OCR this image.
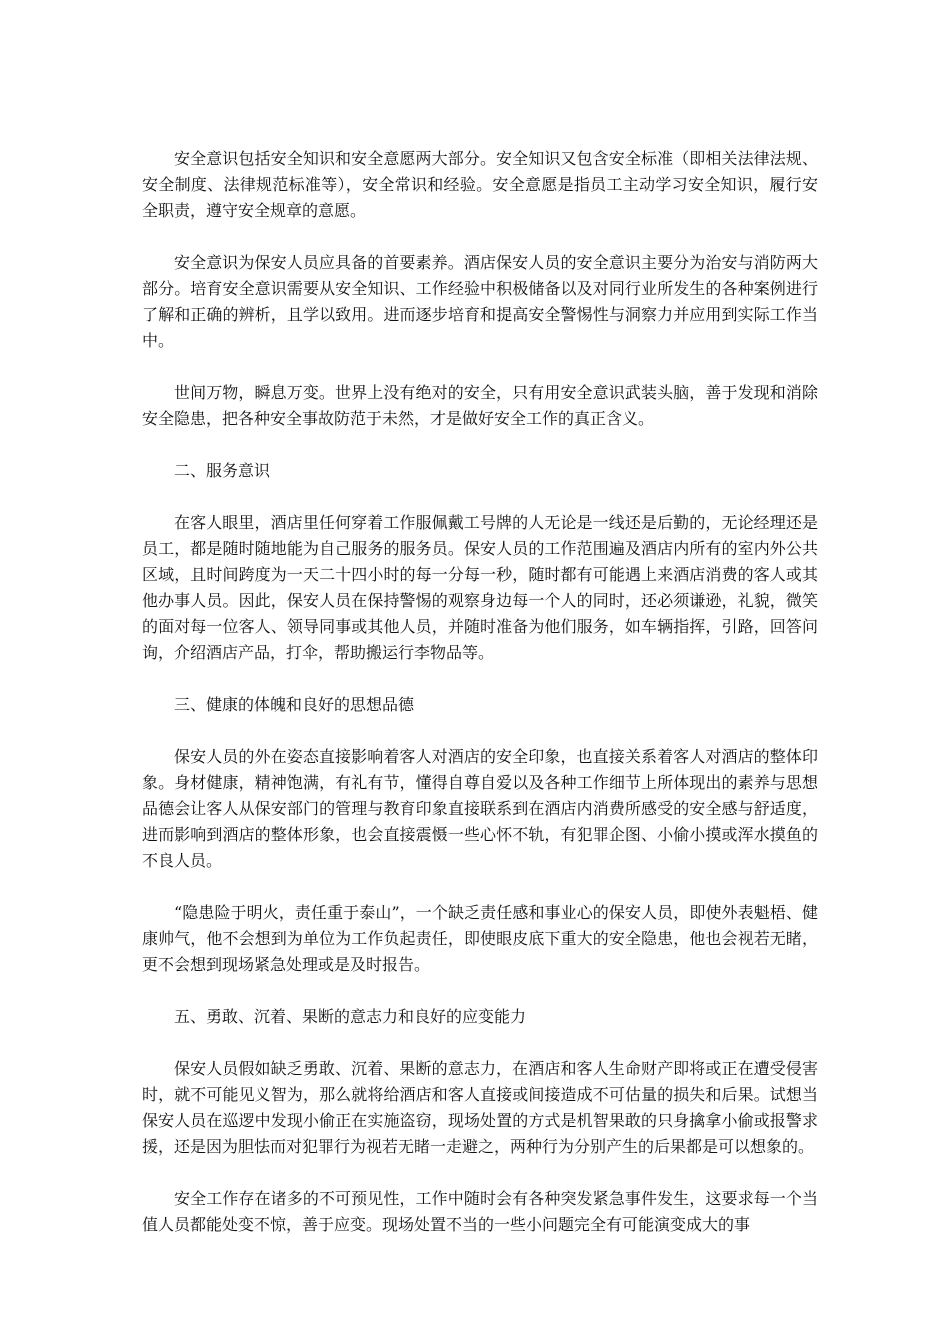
安全意识包括安全知识和安全意愿两大部分。安全知识又包含安全标准（即相关法律法规、安全制度、法律规范标准等），安全常识和经验。安全意愿是指员工主动学习安全知识，履行安全职责，遵守安全规章的意愿。

安全意识为保安人员应具备的首要素养。酒店保安人员的安全意识主要分为治安与消防两大部分。培育安全意识需要从安全知识、工作经验中积极储备以及对同行业所发生的各种案例进行了解和正确的辨析，且学以致用。进而逐步培育和提高安全警惕性与洞察力并应用到实际工作当中。

世间万物，瞬息万变。世界上没有绝对的安全，只有用安全意识武装头脑，善于发现和消除安全隐患，把各种安全事故防范于未然，才是做好安全工作的真正含义。

二、服务意识

在客人眼里，酒店里任何穿着工作服佩戴工号牌的人无论是一线还是后勤的，无论经理还是员工，都是随时随地能为自己服务的服务员。保安人员的工作范围遍及酒店内所有的室内外公共区域，且时间跨度为一天二十四小时的每一分每一秒，随时都有可能遇上来酒店消费的客人或其他办事人员。因此，保安人员在保持警惕的观察身边每一个人的同时，还必须谦逊，礼貌，微笑的面对每一位客人、领导同事或其他人员，并随时准备为他们服务，如车辆指挥，引路，回答问询，介绍酒店产品，打伞，帮助搬运行李物品等。

三、健康的体魄和良好的思想品德

保安人员的外在姿态直接影响着客人对酒店的安全印象，也直接关系着客人对酒店的整体印象。身材健康，精神饱满，有礼有节，懂得自尊自爱以及各种工作细节上所体现出的素养与思想品德会让客人从保安部门的管理与教育印象直接联系到在酒店内消费所感受的安全感与舒适度，进而影响到酒店的整体形象，也会直接震慑一些心怀不轨，有犯罪企图、小偷小摸或浑水摸鱼的不良人员。

“隐患险于明火，责任重于泰山”，一个缺乏责任感和事业心的保安人员，即使外表魁梧、健康帅气，他不会想到为单位为工作负起责任，即使眼皮底下重大的安全隐患，他也会视若无睹，更不会想到现场紧急处理或是及时报告。

五、勇敢、沉着、果断的意志力和良好的应变能力

保安人员假如缺乏勇敢、沉着、果断的意志力，在酒店和客人生命财产即将或正在遭受侵害时，就不可能见义智为，那么就将给酒店和客人直接或间接造成不可估量的损失和后果。试想当保安人员在巡逻中发现小偷正在实施盗窃，现场处置的方式是机智果敢的只身擒拿小偷或报警求援，还是因为胆怯而对犯罪行为视若无睹一走避之，两种行为分别产生的后果都是可以想象的。

安全工作存在诸多的不可预见性，工作中随时会有各种突发紧急事件发生，这要求每一个当值人员都能处变不惊，善于应变。现场处置不当的一些小问题完全有可能演变成大的事
